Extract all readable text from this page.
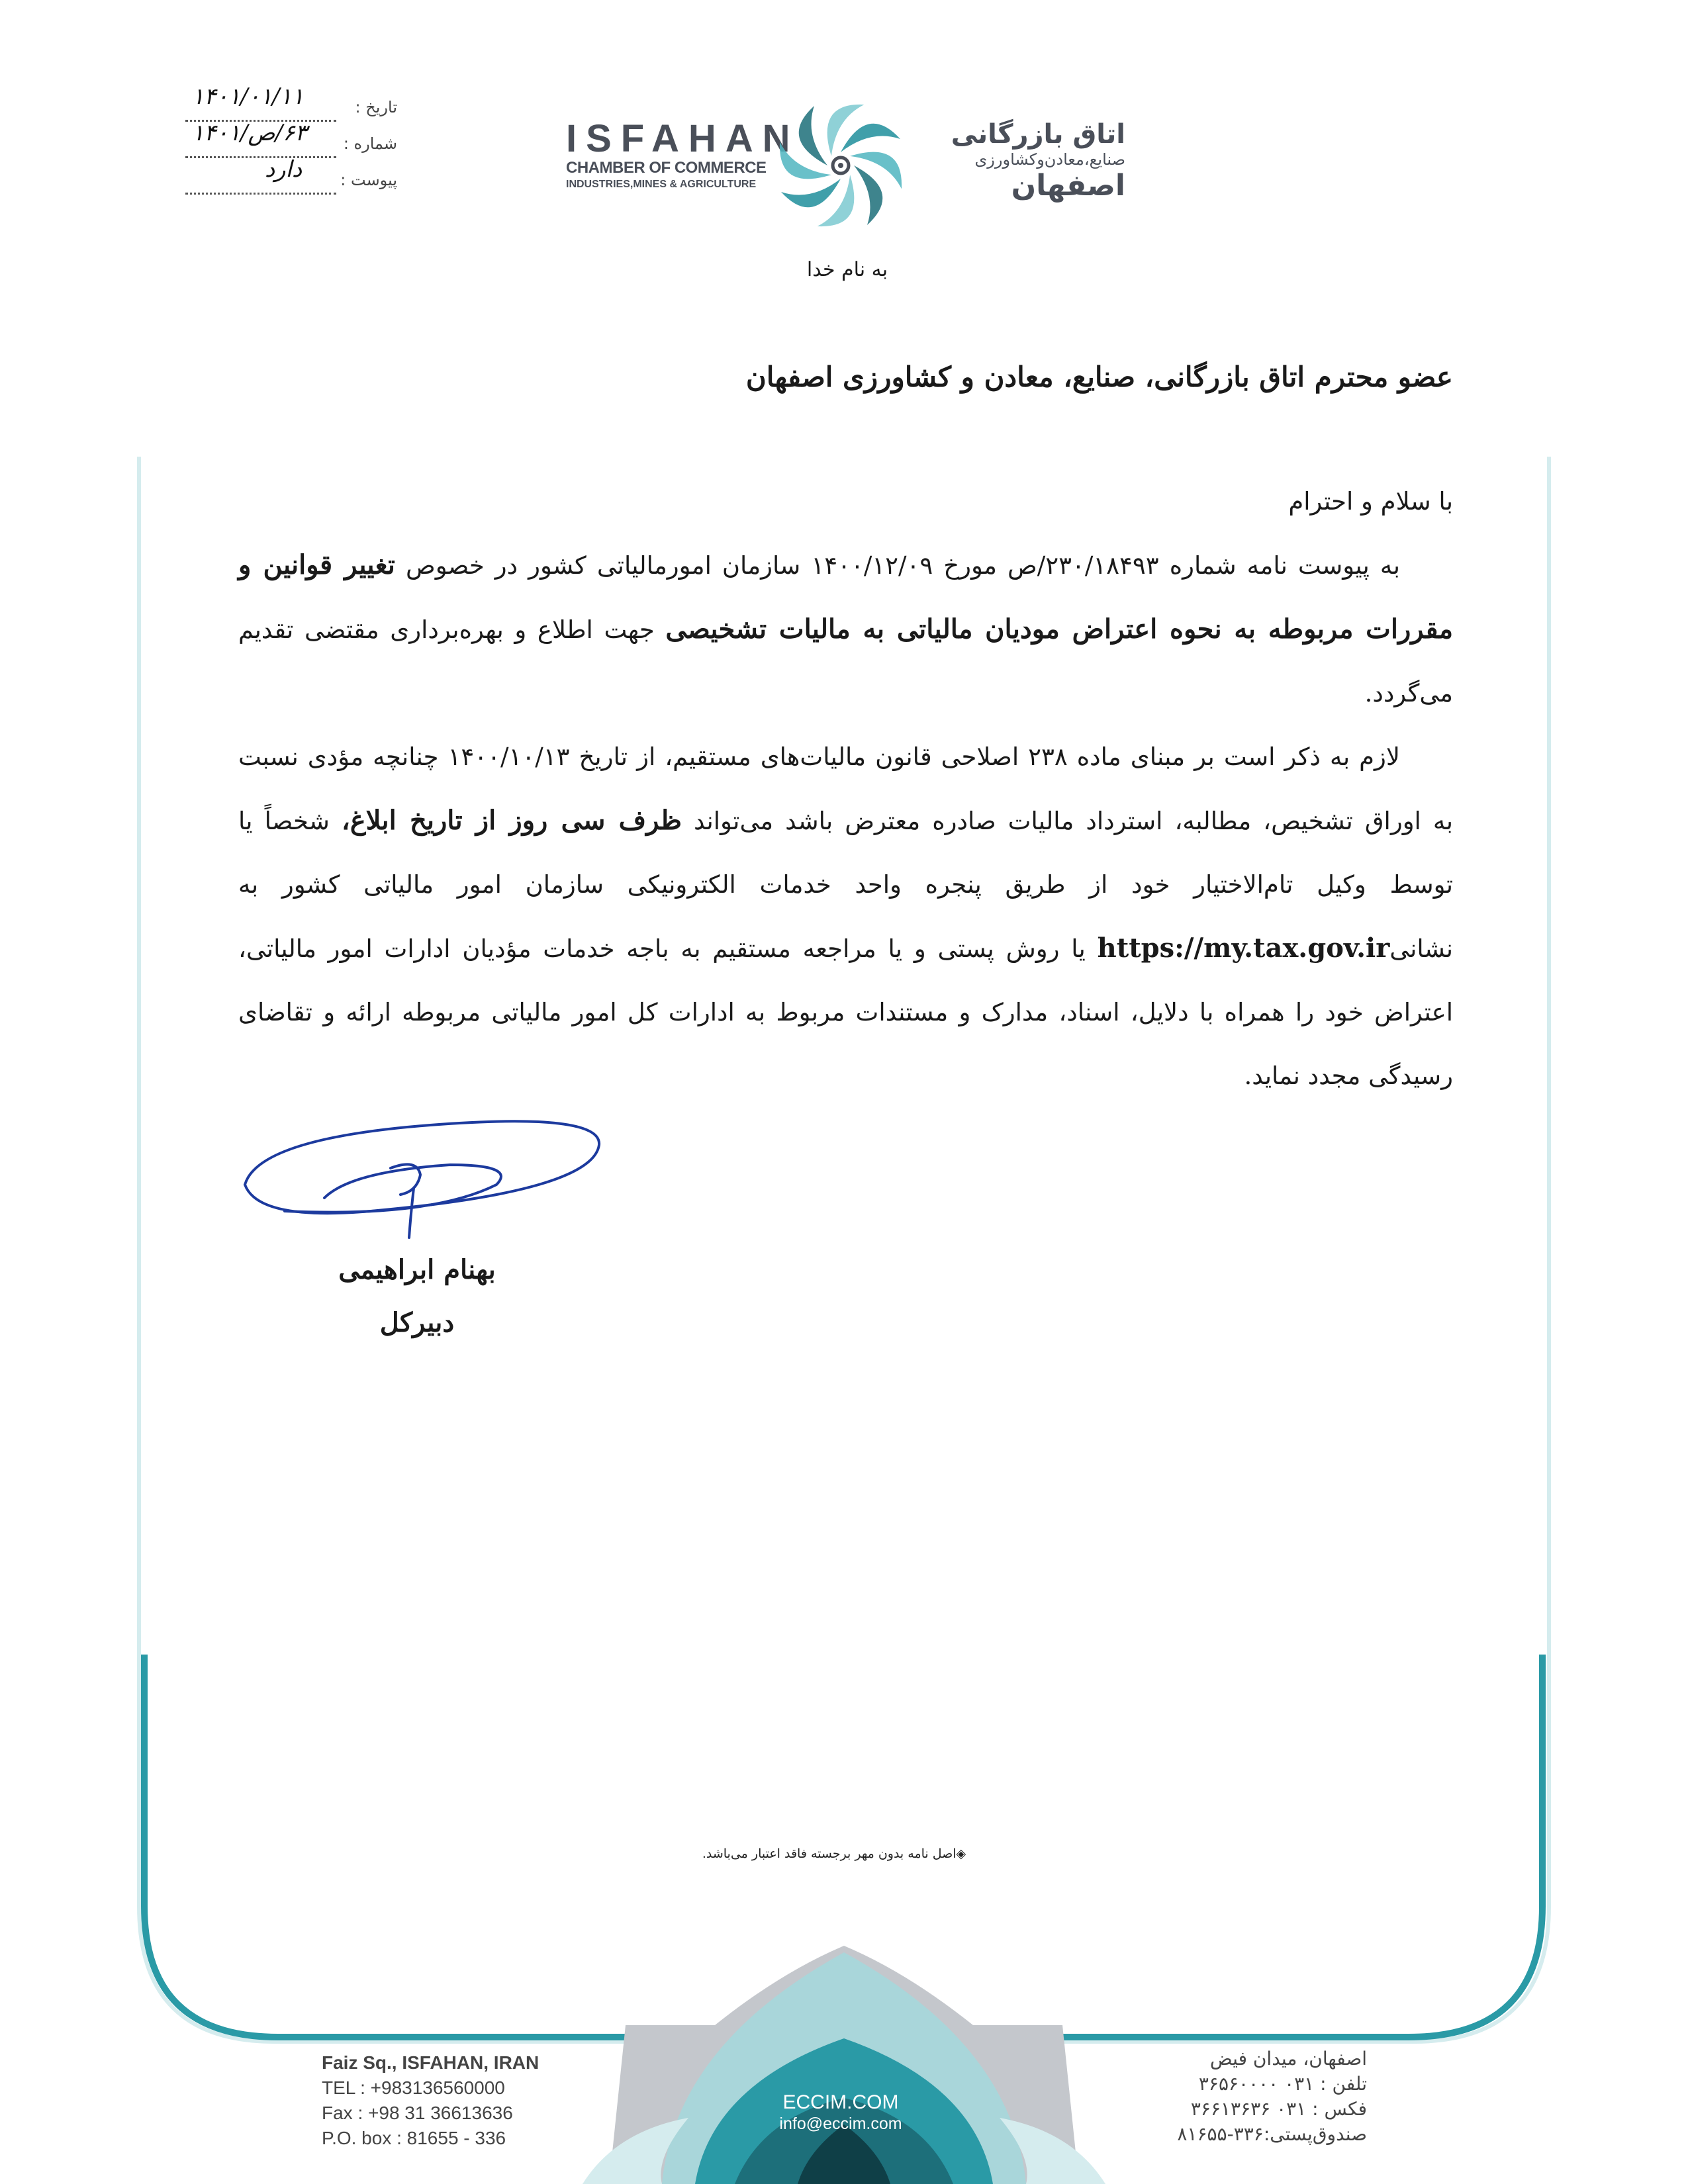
تاریخ :
۱۴۰۱/۰۱/۱۱
شماره :
۶۳/ص/۱۴۰۱
پیوست :
دارد
ISFAHAN
CHAMBER OF COMMERCE
INDUSTRIES,MINES & AGRICULTURE
اتاق بازرگانی
صنایع،معادن‌وکشاورزی
اصفهان
به نام خدا
عضو محترم اتاق بازرگانی، صنایع، معادن و کشاورزی اصفهان

با سلام و احترام

به پیوست نامه شماره ۲۳۰/۱۸۴۹۳/ص مورخ ۱۴۰۰/۱۲/۰۹ سازمان امورمالیاتی کشور در خصوص تغییر قوانین و مقررات مربوطه به نحوه اعتراض مودیان مالیاتی به مالیات تشخیصی جهت اطلاع و بهره‌برداری مقتضی تقدیم می‌گردد.

لازم به ذکر است بر مبنای ماده ۲۳۸ اصلاحی قانون مالیات‌های مستقیم، از تاریخ ۱۴۰۰/۱۰/۱۳ چنانچه مؤدی نسبت به اوراق تشخیص، مطالبه، استرداد مالیات صادره معترض باشد می‌تواند ظرف سی روز از تاریخ ابلاغ، شخصاً یا توسط وکیل تام‌الاختیار خود از طریق پنجره واحد خدمات الکترونیکی سازمان امور مالیاتی کشور به نشانیhttps://my.tax.gov.ir یا روش پستی و یا مراجعه مستقیم به باجه خدمات مؤدیان ادارات امور مالیاتی، اعتراض خود را همراه با دلایل، اسناد، مدارک و مستندات مربوط به ادارات کل امور مالیاتی مربوطه ارائه و تقاضای رسیدگی مجدد نماید.

بهنام ابراهیمی
دبیرکل
◈اصل نامه بدون مهر برجسته فاقد اعتبار می‌باشد.
Faiz Sq., ISFAHAN, IRAN
TEL : +983136560000
Fax : +98 31 36613636
P.O. box : 81655 - 336
ECCIM.COM
info@eccim.com
اصفهان، میدان فیض
تلفن : ۰۳۱ ۳۶۵۶۰۰۰۰
فکس : ۰۳۱ ۳۶۶۱۳۶۳۶
صندوق‌پستی:۳۳۶-۸۱۶۵۵
